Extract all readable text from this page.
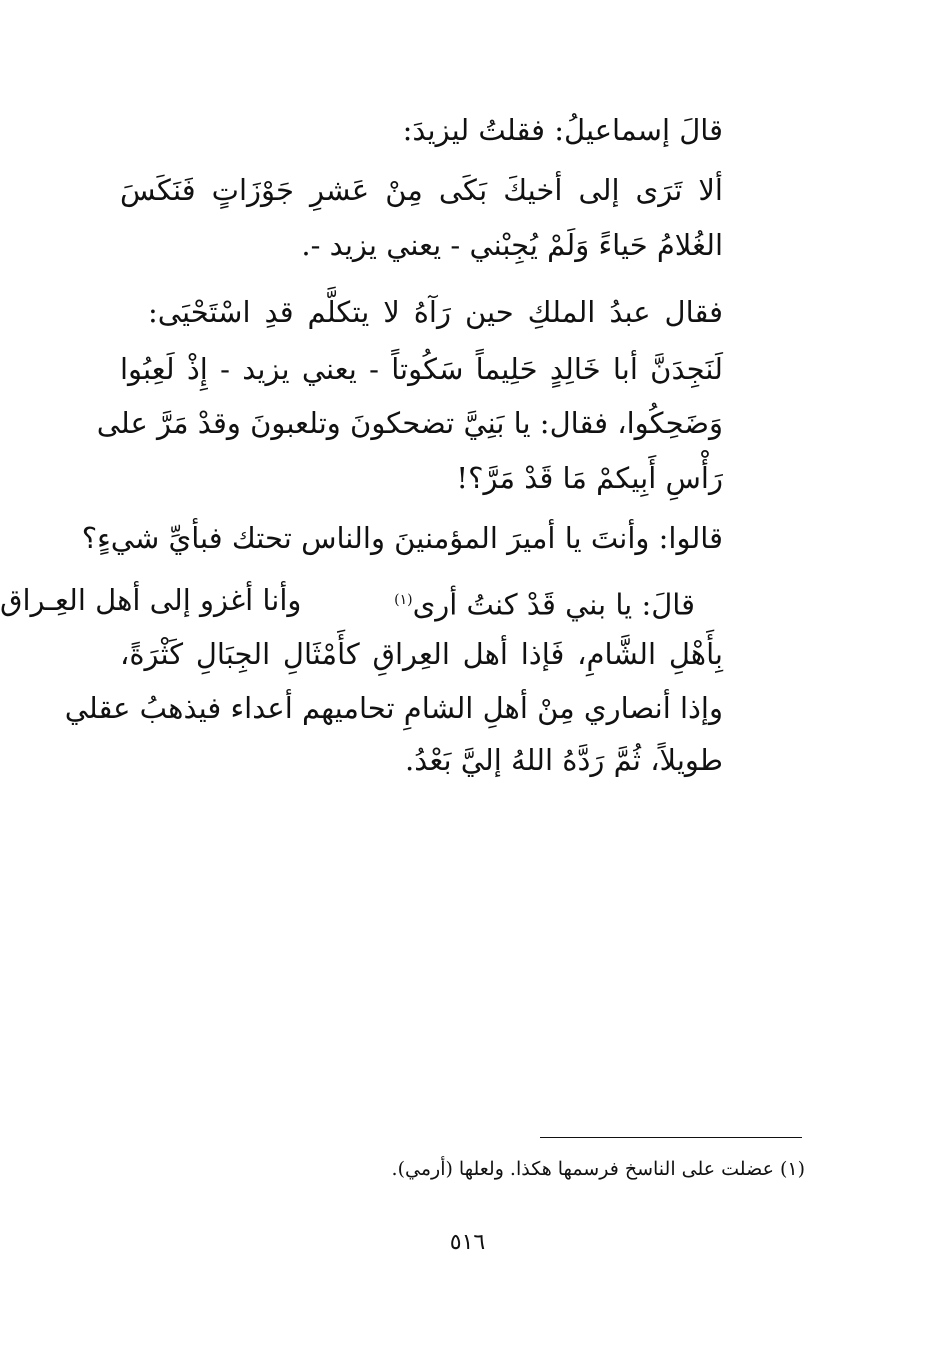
قالَ إسماعيلُ: فقلتُ ليزيدَ:
ألا تَرَى إلى أخيكَ بَكَى مِنْ عَشرِ جَوْزَاتٍ فَنَكَسَ
الغُلامُ حَياءً وَلَمْ يُجِبْني - يعني يزيد -.
فقال عبدُ الملكِ حين رَآهُ لا يتكلَّم قدِ اسْتَحْيَى:
لَنَجِدَنَّ أبا خَالِدٍ حَلِيماً سَكُوتاً - يعني يزيد - إِذْ لَعِبُوا
وَضَحِكُوا، فقال: يا بَنِيَّ تضحكونَ وتلعبونَ وقدْ مَرَّ على
رَأْسِ أَبِيكمْ مَا قَدْ مَرَّ؟!
قالوا: وأنتَ يا أميرَ المؤمنينَ والناس تحتك فبأيِّ شيءٍ؟
قالَ: يا بني قَدْ كنتُ أرى$^{(١)}$
وأنا أغزو إلى أهل العِـراق
بِأَهْلِ الشَّامِ، فَإذا أهل العِراقِ كأَمْثَالِ الجِبَالِ كَثْرَةً،
وإذا أنصاري مِنْ أهلِ الشامِ تحاميهم أعداء فيذهبُ عقلي
طويلاً، ثُمَّ رَدَّهُ اللهُ إليَّ بَعْدُ.
(١) عضلت على الناسخ فرسمها هكذا. ولعلها (أرمي).
٥١٦
